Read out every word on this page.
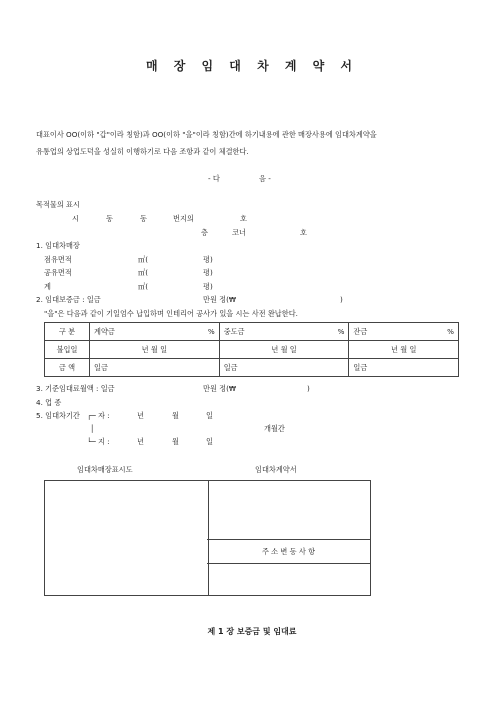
매 장 임 대 차 계 약 서
대표이사 OO(이하 "갑"이라 칭함)과 OO(이하 "을"이라 칭함)간에 하기내용에 관한 매장사용에 임대차계약을
유통업의 상업도덕을 성실히 이행하기로 다음 조항과 같이 체결한다.
- 다	음 -
목적물의 표시
시	동	동	번지의	호
층	코너	호
1. 임대차매장
점유면적	㎡(	평)
공유면적	㎡(	평)
계	㎡(	평)
2. 임대보증금 : 일금	만원 정(₩	)
"을"은 다음과 같이 기일엄수 납입하며 인테리어 공사가 있을 시는 사전 완납한다.
구 분	계약금	%	중도금	%	잔금	%
불입일	년 월 일		년 월 일		년 월 일	
금 액	일금		일금		일금	
3. 기준임대료월액 : 일금	만원 정(₩	)
4. 업 종
5. 임대차기간 ┌─ 자 :	년	월	일
│	개월간
└─ 지 :	년	월	일
임대차매장표시도	임대차계약서
주 소 변 동 사 항
제 1 장 보증금 및 임대료
